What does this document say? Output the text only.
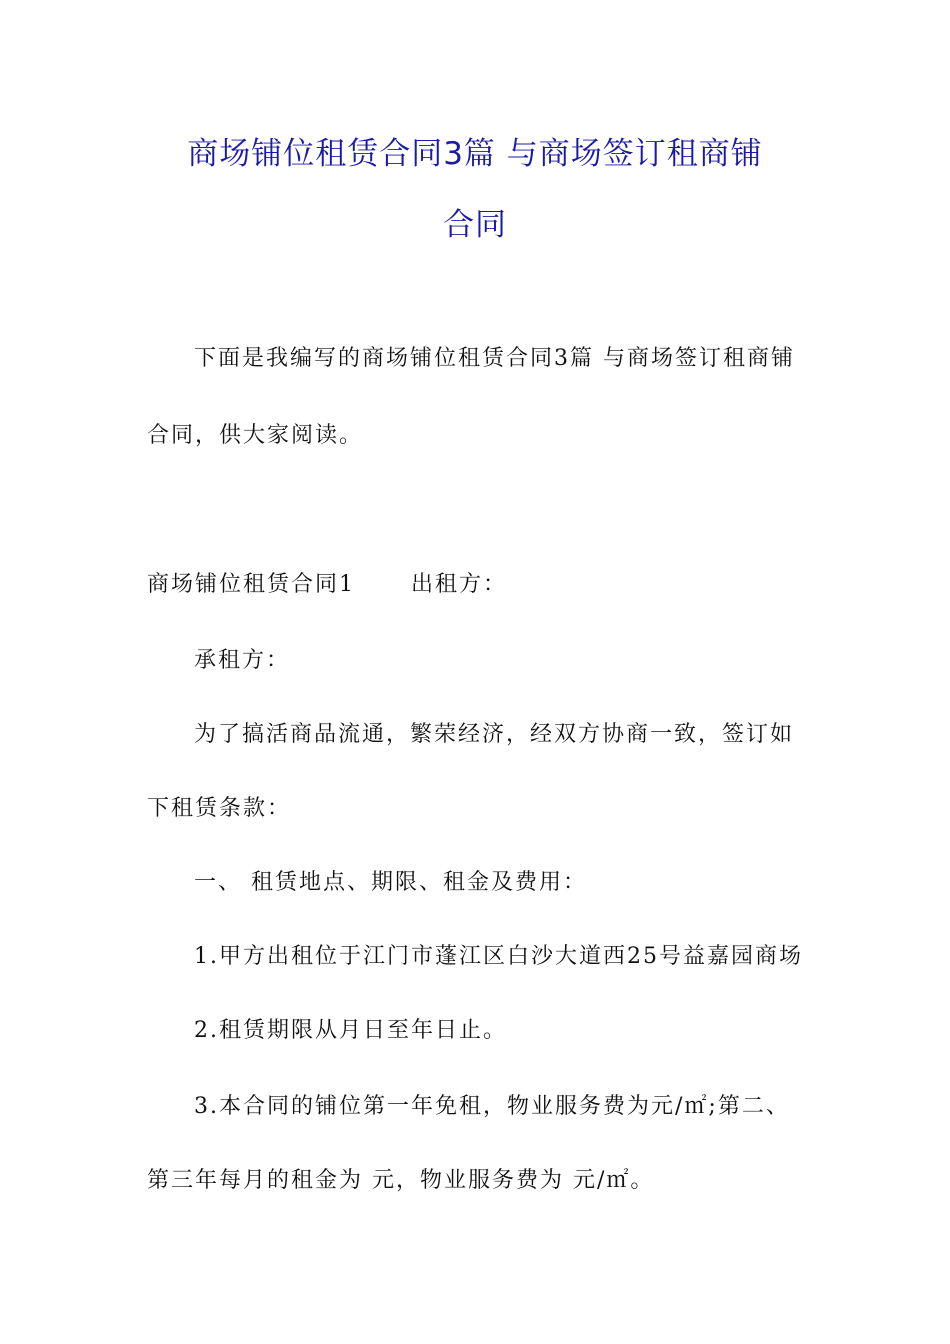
商场铺位租赁合同3篇 与商场签订租商铺
合同
下面是我编写的商场铺位租赁合同3篇 与商场签订租商铺
合同，供大家阅读。
商场铺位租赁合同1	出租方：
承租方：
为了搞活商品流通，繁荣经济，经双方协商一致，签订如
下租赁条款：
一、 租赁地点、期限、租金及费用：
1.甲方出租位于江门市蓬江区白沙大道西25号益嘉园商场
2.租赁期限从月日至年日止。
3.本合同的铺位第一年免租，物业服务费为元/㎡;第二、
第三年每月的租金为 元，物业服务费为 元/㎡。
